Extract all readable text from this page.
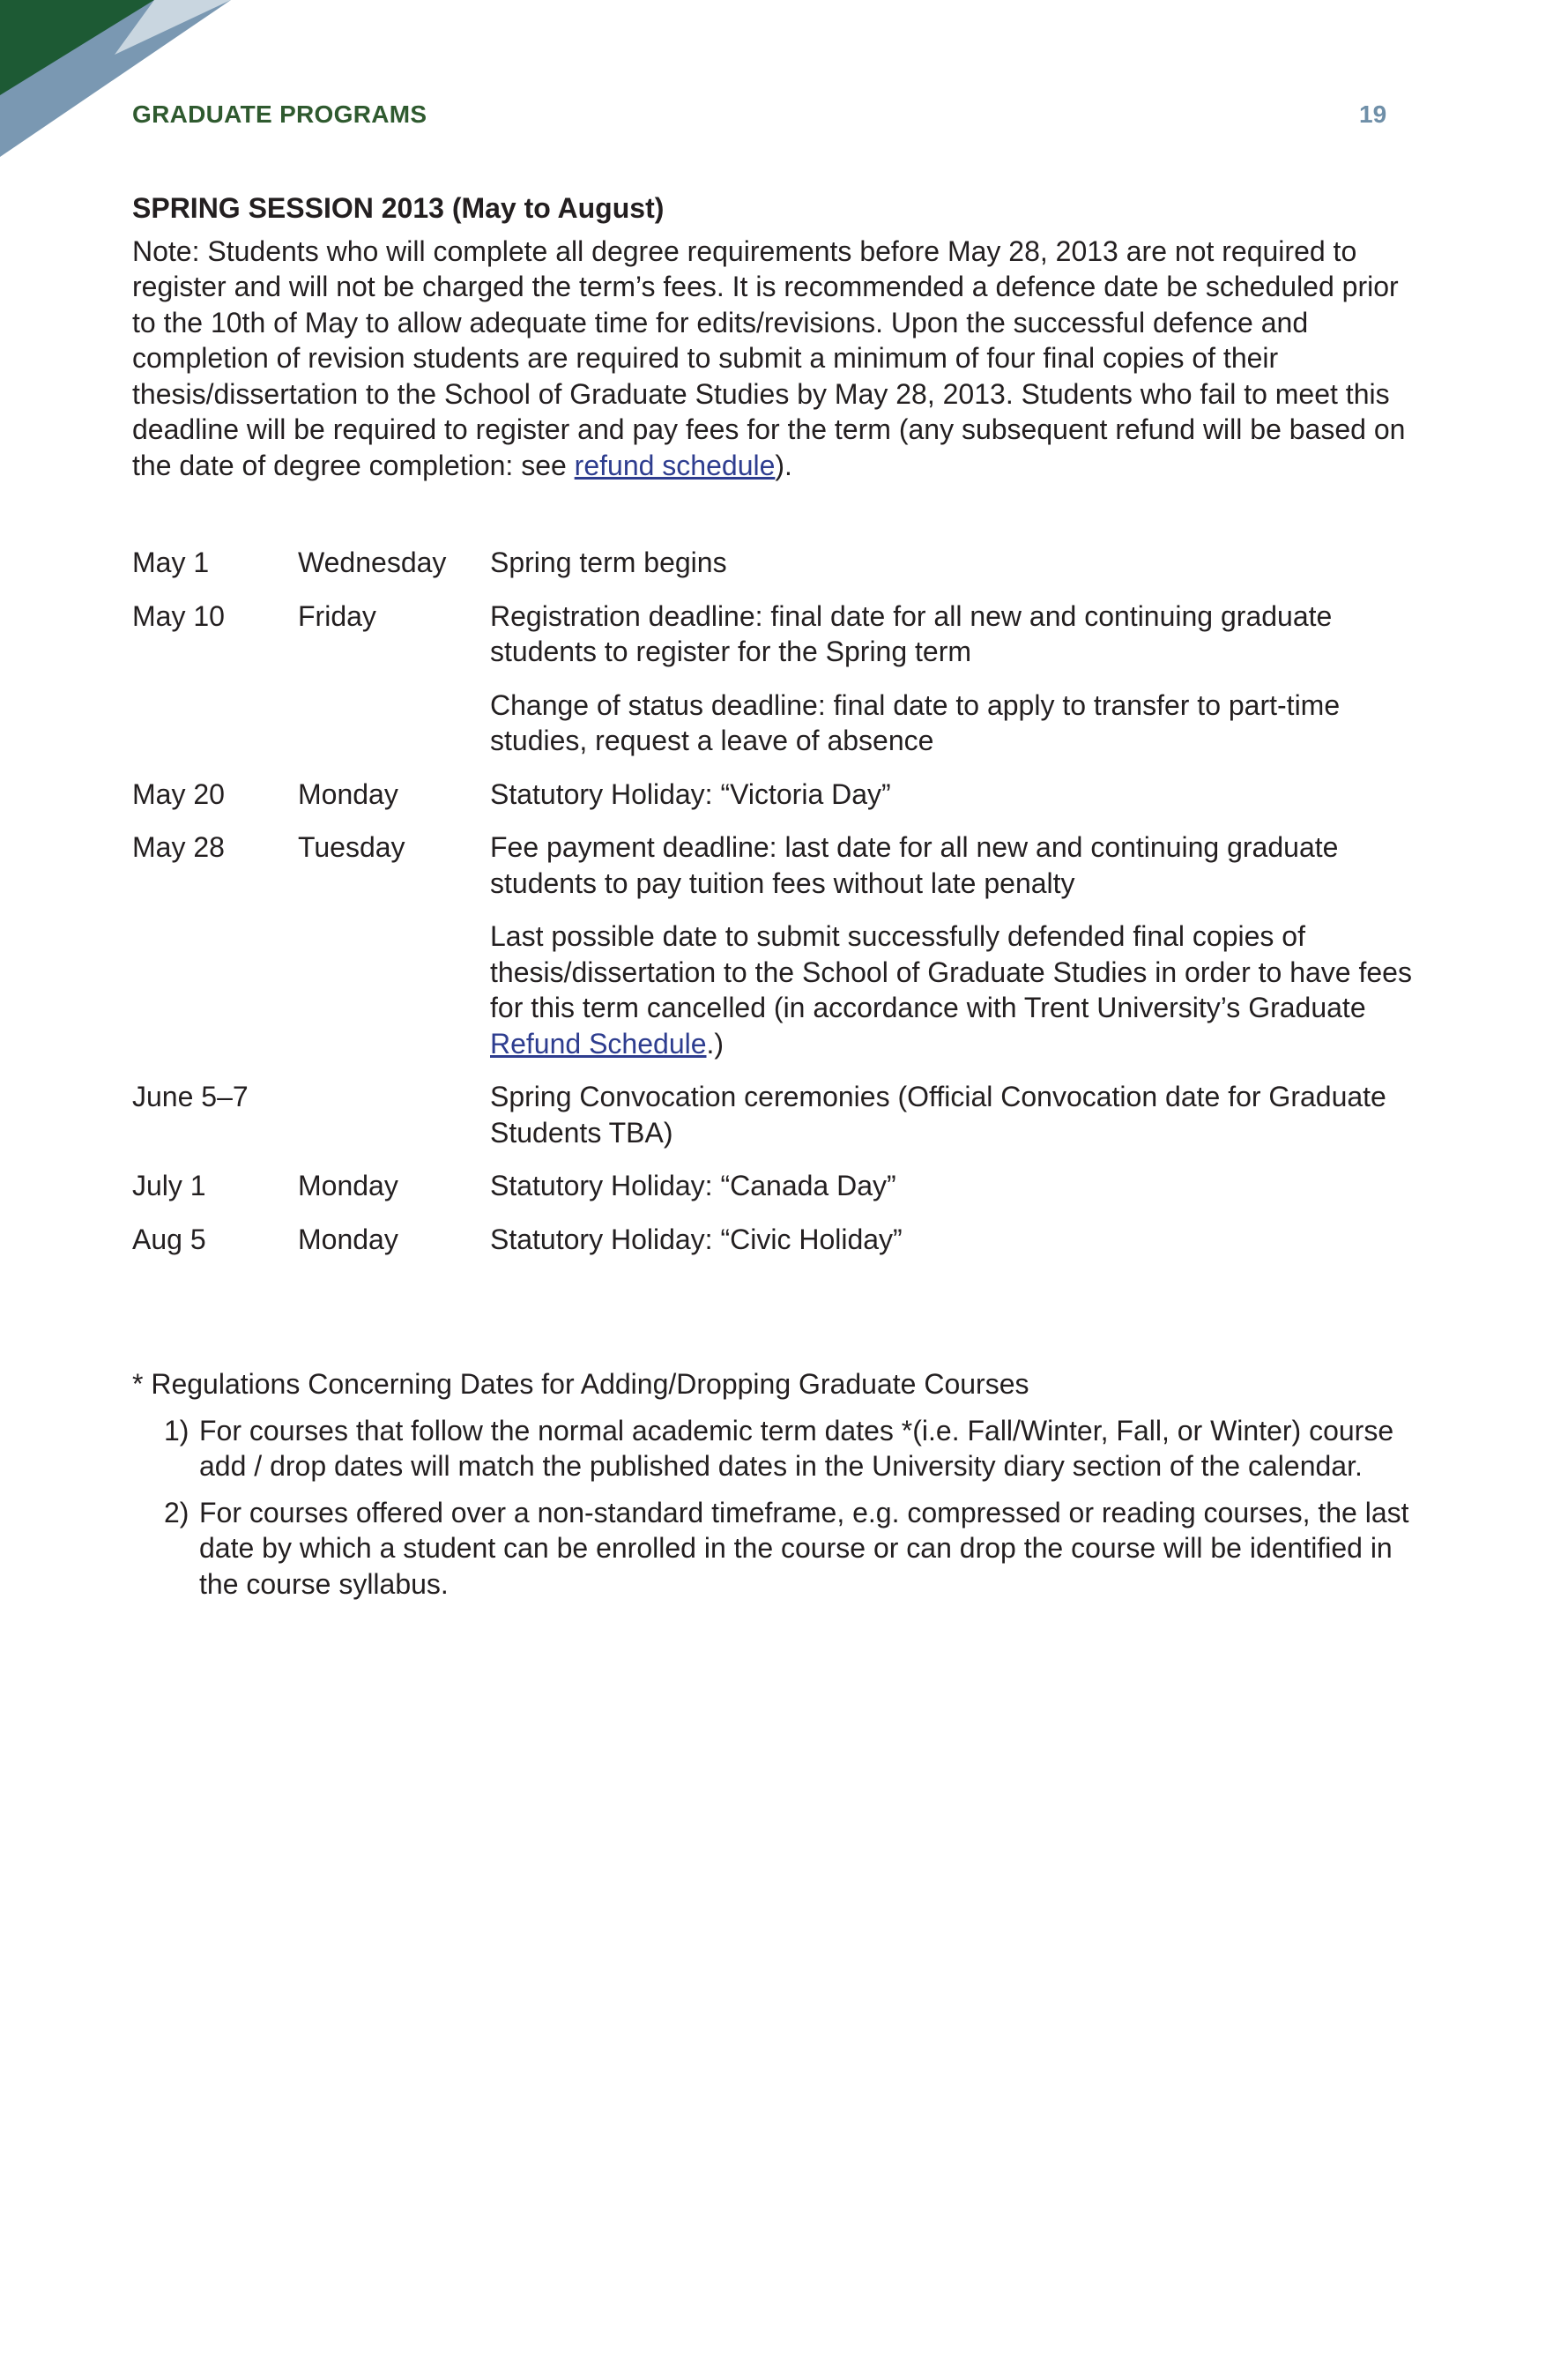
GRADUATE PROGRAMS	19
SPRING SESSION 2013 (May to August)

Note: Students who will complete all degree requirements before May 28, 2013 are not required to register and will not be charged the term’s fees. It is recommended a defence date be scheduled prior to the 10th of May to allow adequate time for edits/revisions. Upon the successful defence and completion of revision students are required to submit a minimum of four final copies of their thesis/dissertation to the School of Graduate Studies by May 28, 2013. Students who fail to meet this deadline will be required to register and pay fees for the term (any subsequent refund will be based on the date of degree completion: see refund schedule).

May 1	Wednesday	Spring term begins

May 10	Friday	Registration deadline: final date for all new and continuing graduate students to register for the Spring term

Change of status deadline: final date to apply to transfer to part-time studies, request a leave of absence

May 20	Monday	Statutory Holiday: “Victoria Day”

May 28	Tuesday	Fee payment deadline: last date for all new and continuing graduate students to pay tuition fees without late penalty

Last possible date to submit successfully defended final copies of thesis/dissertation to the School of Graduate Studies in order to have fees for this term cancelled (in accordance with Trent University’s Graduate Refund Schedule.)

June 5–7	Spring Convocation ceremonies (Official Convocation date for Graduate Students TBA)

July 1	Monday	Statutory Holiday: “Canada Day”

Aug 5	Monday	Statutory Holiday: “Civic Holiday”

* Regulations Concerning Dates for Adding/Dropping Graduate Courses

1) For courses that follow the normal academic term dates *(i.e. Fall/Winter, Fall, or Winter) course add / drop dates will match the published dates in the University diary section of the calendar.
2) For courses offered over a non-standard timeframe, e.g. compressed or reading courses, the last date by which a student can be enrolled in the course or can drop the course will be identified in the course syllabus.
